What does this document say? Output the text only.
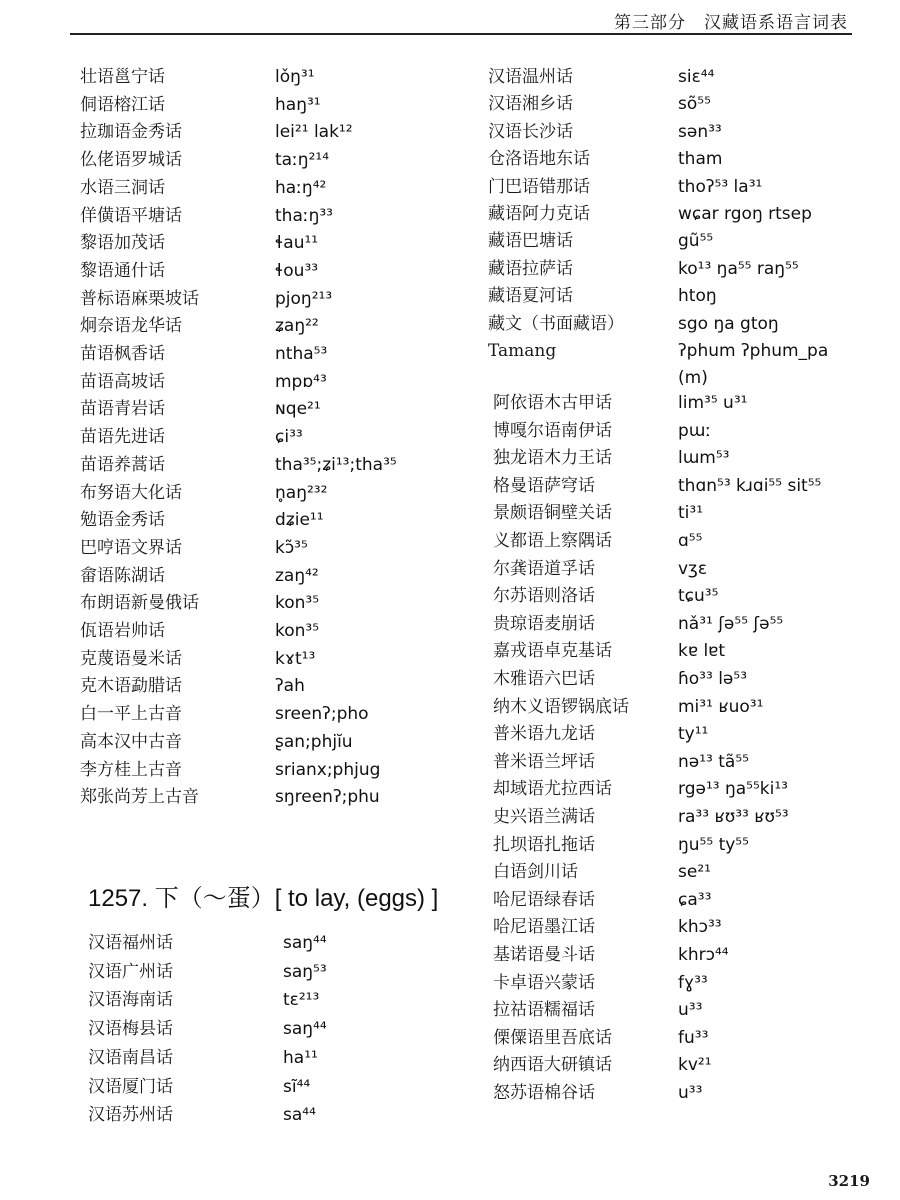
第三部分　汉藏语系语言词表
壮语邕宁话	lǒŋ³¹
侗语榕江话	haŋ³¹
拉珈语金秀话	lei²¹ lak¹²
仫佬语罗城话	taːŋ²¹⁴
水语三洞话	haːŋ⁴²
佯僙语平塘话	thaːŋ³³
黎语加茂话	ɬau¹¹
黎语通什话	ɬou³³
普标语麻栗坡话	pjoŋ²¹³
炯奈语龙华话	ʑaŋ²²
苗语枫香话	ntha⁵³
苗语高坡话	mpɒ⁴³
苗语青岩话	ɴqe²¹
苗语先进话	ɕi³³
苗语养蒿话	tha³⁵;ʑi¹³;tha³⁵
布努语大化话	n̥aŋ²³²
勉语金秀话	dʑie¹¹
巴哼语文界话	kɔ̃³⁵
畲语陈湖话	zaŋ⁴²
布朗语新曼俄话	kon³⁵
佤语岩帅话	kon³⁵
克蔑语曼米话	kɤt¹³
克木语勐腊话	ʔah
白一平上古音	sreenʔ;pho
高本汉中古音	ʂan;phjĭu
李方桂上古音	srianx;phjug
郑张尚芳上古音	sŋreenʔ;phu
1257. 下（～蛋）[ to lay, (eggs) ]
汉语福州话	saŋ⁴⁴
汉语广州话	saŋ⁵³
汉语海南话	tɛ²¹³
汉语梅县话	saŋ⁴⁴
汉语南昌话	ha¹¹
汉语厦门话	sĩ⁴⁴
汉语苏州话	sa⁴⁴
汉语温州话	siɛ⁴⁴
汉语湘乡话	sõ⁵⁵
汉语长沙话	sən³³
仓洛语地东话	tham
门巴语错那话	thoʔ⁵³ la³¹
藏语阿力克话	wɕar rgoŋ rtsep
藏语巴塘话	gũ⁵⁵
藏语拉萨话	ko¹³ ŋa⁵⁵ raŋ⁵⁵
藏语夏河话	htoŋ
藏文（书面藏语）	sgo ŋa gtoŋ
Tamang	ʔphum ʔphum_pa
(m)
阿依语木古甲话	lim³⁵ u³¹
博嘎尔语南伊话	pɯː
独龙语木力王话	lɯm⁵³
格曼语萨穹话	thɑn⁵³ kɹɑi⁵⁵ sit⁵⁵
景颇语铜壁关话	ti³¹
义都语上察隅话	ɑ⁵⁵
尔龚语道孚话	vʒɛ
尔苏语则洛话	tɕu³⁵
贵琼语麦崩话	nǎ³¹ ʃə⁵⁵ ʃə⁵⁵
嘉戎语卓克基话	kɐ lɐt
木雅语六巴话	ɦo³³ lə⁵³
纳木义语锣锅底话	mi³¹ ʁuo³¹
普米语九龙话	ty¹¹
普米语兰坪话	nə¹³ tã⁵⁵
却域语尤拉西话	rgə¹³ ŋa⁵⁵ki¹³
史兴语兰满话	ra³³ ʁʊ³³ ʁʊ⁵³
扎坝语扎拖话	ŋu⁵⁵ ty⁵⁵
白语剑川话	se²¹
哈尼语绿春话	ɕa³³
哈尼语墨江话	khɔ³³
基诺语曼斗话	khrɔ⁴⁴
卡卓语兴蒙话	fɣ³³
拉祜语糯福话	u³³
傈僳语里吾底话	fu³³
纳西语大研镇话	kv²¹
怒苏语棉谷话	u³³
3219
